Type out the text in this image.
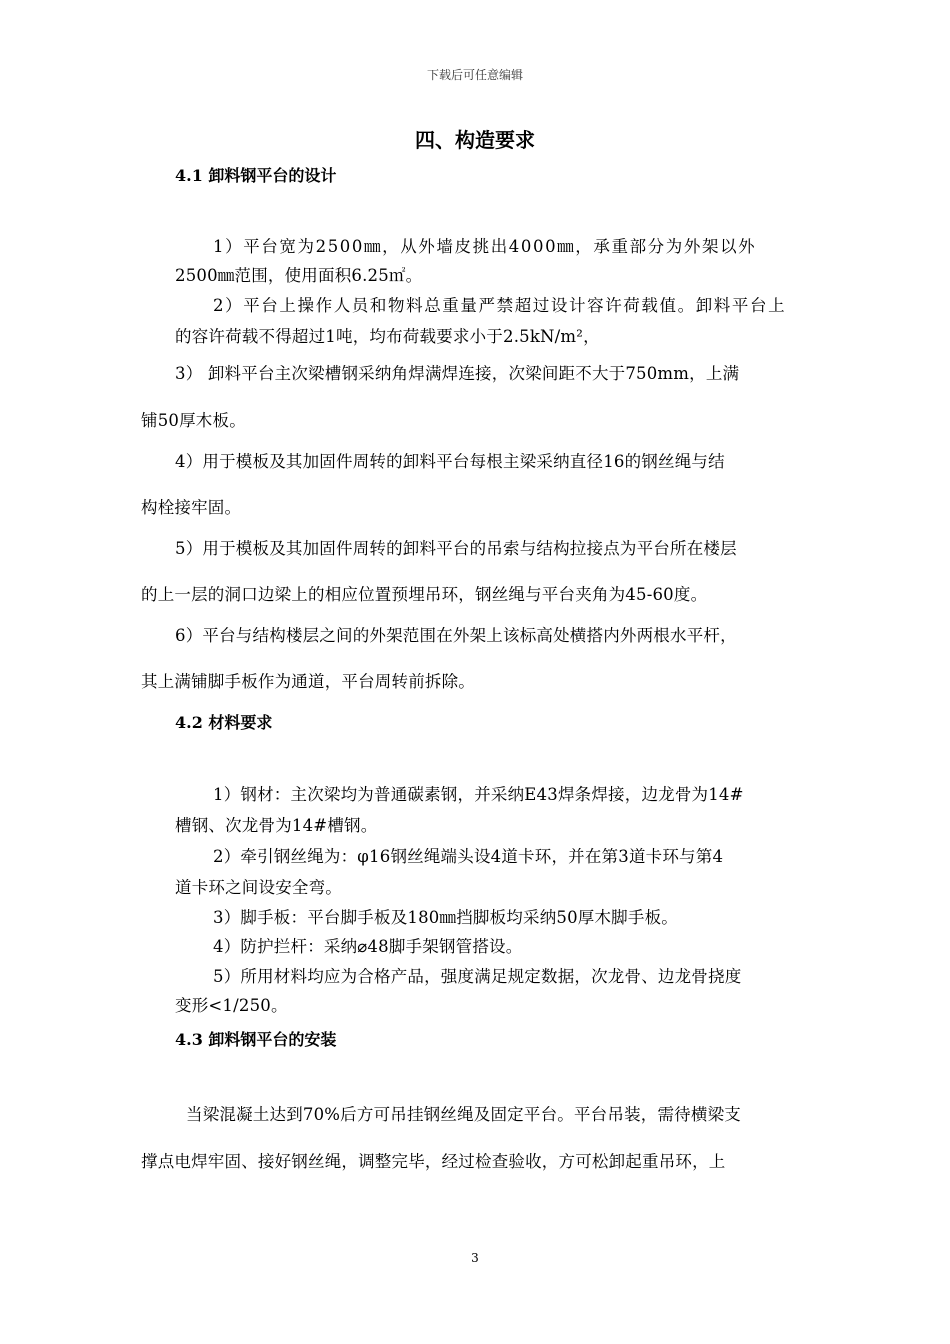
下载后可任意编辑
四、构造要求
4.1 卸料钢平台的设计
1）平台宽为2500㎜，从外墙皮挑出4000㎜，承重部分为外架以外
2500㎜范围，使用面积6.25㎡。
2）平台上操作人员和物料总重量严禁超过设计容许荷载值。卸料平台上
的容许荷载不得超过1吨，均布荷载要求小于2.5kN/m²，
3） 卸料平台主次梁槽钢采纳角焊满焊连接，次梁间距不大于750mm，上满
铺50厚木板。
4）用于模板及其加固件周转的卸料平台每根主梁采纳直径16的钢丝绳与结
构栓接牢固。
5）用于模板及其加固件周转的卸料平台的吊索与结构拉接点为平台所在楼层
的上一层的洞口边梁上的相应位置预埋吊环，钢丝绳与平台夹角为45-60度。
6）平台与结构楼层之间的外架范围在外架上该标高处横搭内外两根水平杆，
其上满铺脚手板作为通道，平台周转前拆除。
4.2 材料要求
1）钢材：主次梁均为普通碳素钢，并采纳E43焊条焊接，边龙骨为14#
槽钢、次龙骨为14#槽钢。
2）牵引钢丝绳为：φ16钢丝绳端头设4道卡环，并在第3道卡环与第4
道卡环之间设安全弯。
3）脚手板：平台脚手板及180㎜挡脚板均采纳50厚木脚手板。
4）防护拦杆：采纳⌀48脚手架钢管搭设。
5）所用材料均应为合格产品，强度满足规定数据，次龙骨、边龙骨挠度
变形<1/250。
4.3 卸料钢平台的安装
当梁混凝土达到70%后方可吊挂钢丝绳及固定平台。平台吊装，需待横梁支
撑点电焊牢固、接好钢丝绳，调整完毕，经过检查验收，方可松卸起重吊环，上
3
